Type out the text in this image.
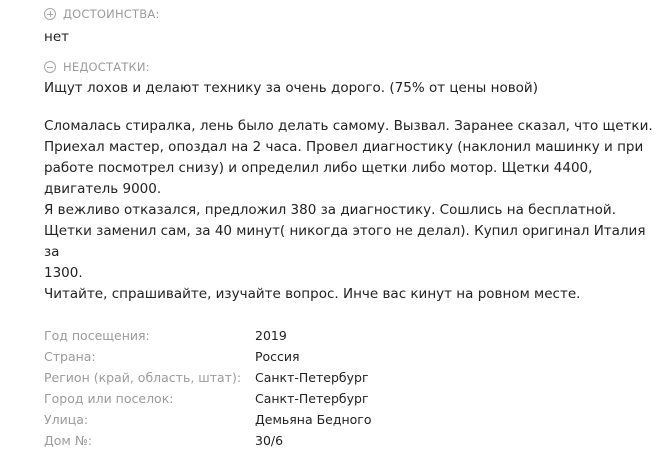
ДОСТОИНСТВА:
нет
НЕДОСТАТКИ:
Ищут лохов и делают технику за очень дорого. (75% от цены новой)

Сломалась стиралка, лень было делать самому. Вызвал. Заранее сказал, что щетки.

Приехал мастер, опоздал на 2 часа. Провел диагностику (наклонил машинку и при

работе посмотрел снизу) и определил либо щетки либо мотор. Щетки 4400,

двигатель 9000.

Я вежливо отказался, предложил 380 за диагностику. Сошлись на бесплатной.

Щетки заменил сам, за 40 минут( никогда этого не делал). Купил оригинал Италия за

1300.

Читайте, спрашивайте, изучайте вопрос. Инче вас кинут на ровном месте.

Год посещения:	2019
Страна:	Россия
Регион (край, область, штат):	Санкт-Петербург
Город или поселок:	Санкт-Петербург
Улица:	Демьяна Бедного
Дом №:	30/6
